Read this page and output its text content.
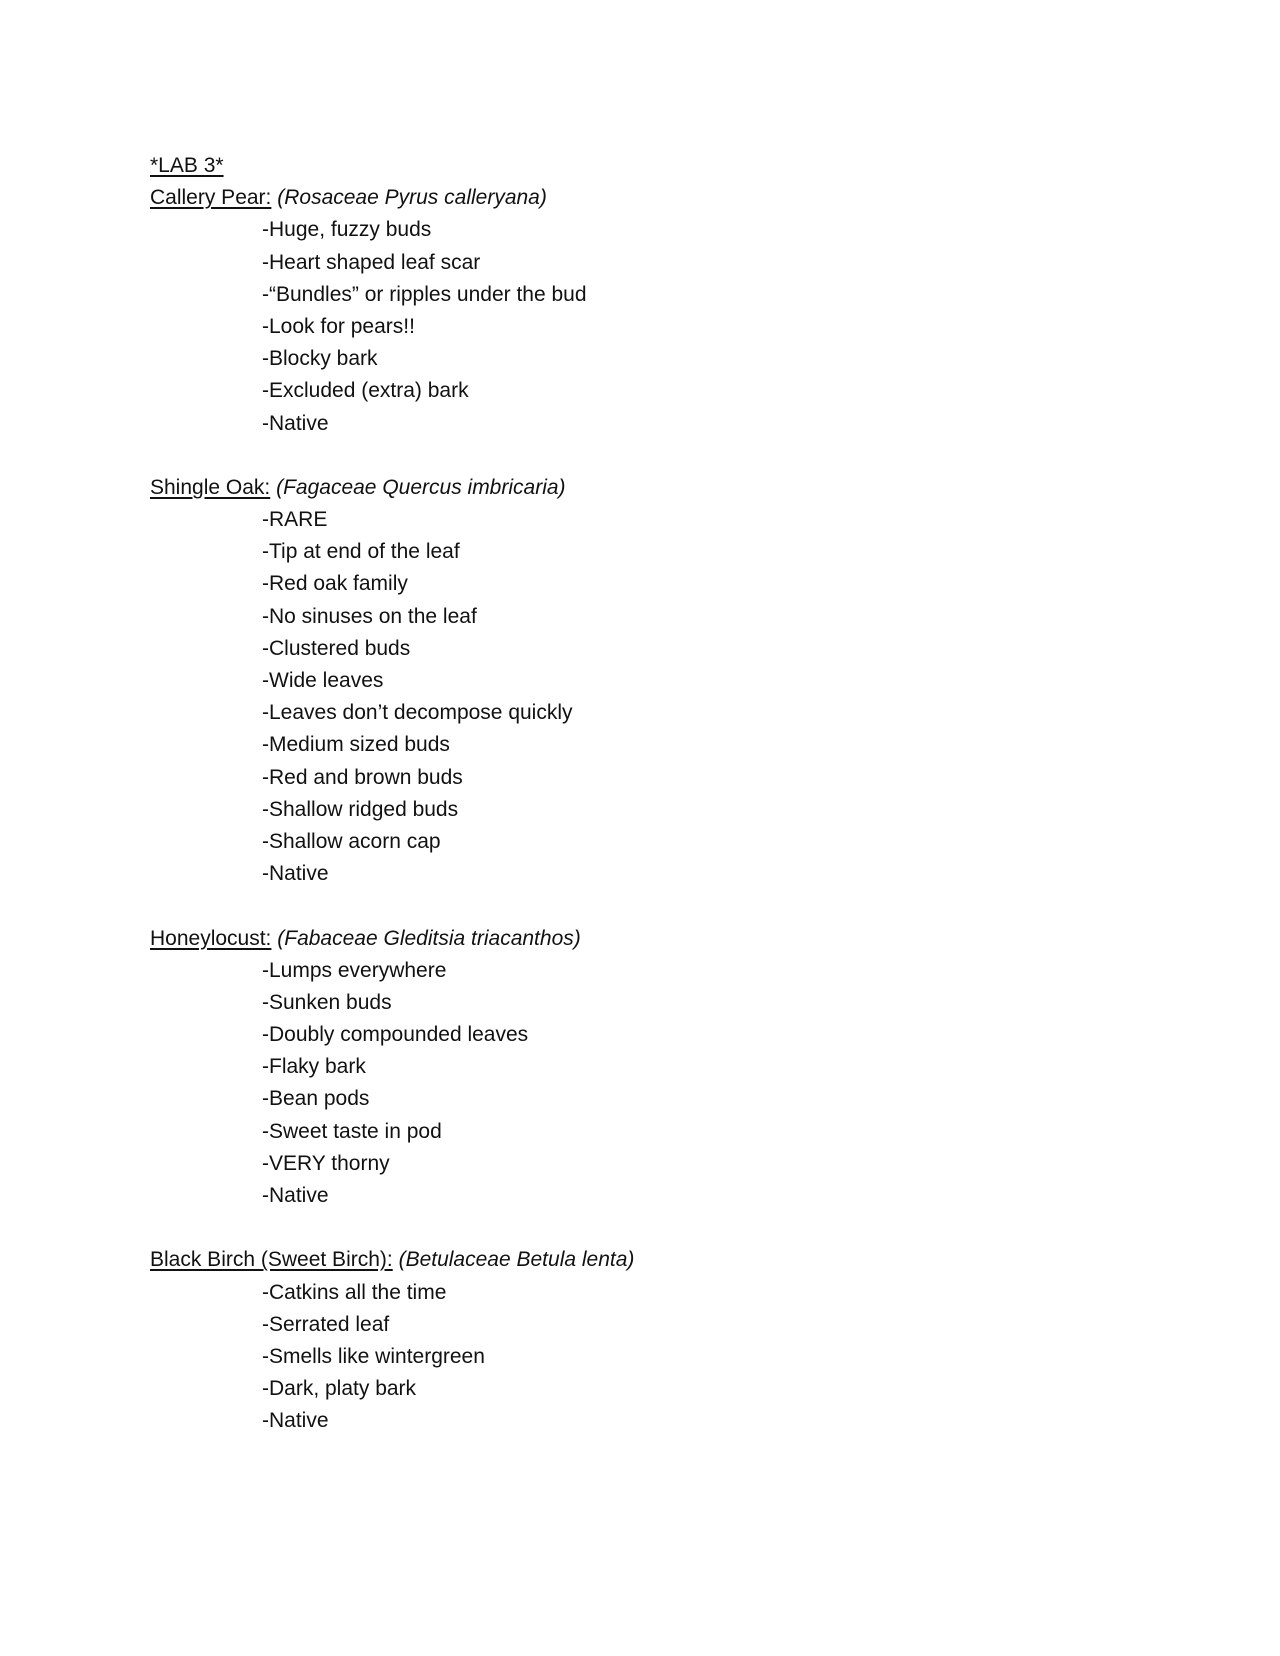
*LAB 3*
Callery Pear: (Rosaceae Pyrus calleryana)
-Huge, fuzzy buds
-Heart shaped leaf scar
-“Bundles” or ripples under the bud
-Look for pears!!
-Blocky bark
-Excluded (extra) bark
-Native
Shingle Oak: (Fagaceae Quercus imbricaria)
-RARE
-Tip at end of the leaf
-Red oak family
-No sinuses on the leaf
-Clustered buds
-Wide leaves
-Leaves don’t decompose quickly
-Medium sized buds
-Red and brown buds
-Shallow ridged buds
-Shallow acorn cap
-Native
Honeylocust: (Fabaceae Gleditsia triacanthos)
-Lumps everywhere
-Sunken buds
-Doubly compounded leaves
-Flaky bark
-Bean pods
-Sweet taste in pod
-VERY thorny
-Native
Black Birch (Sweet Birch): (Betulaceae Betula lenta)
-Catkins all the time
-Serrated leaf
-Smells like wintergreen
-Dark, platy bark
-Native
